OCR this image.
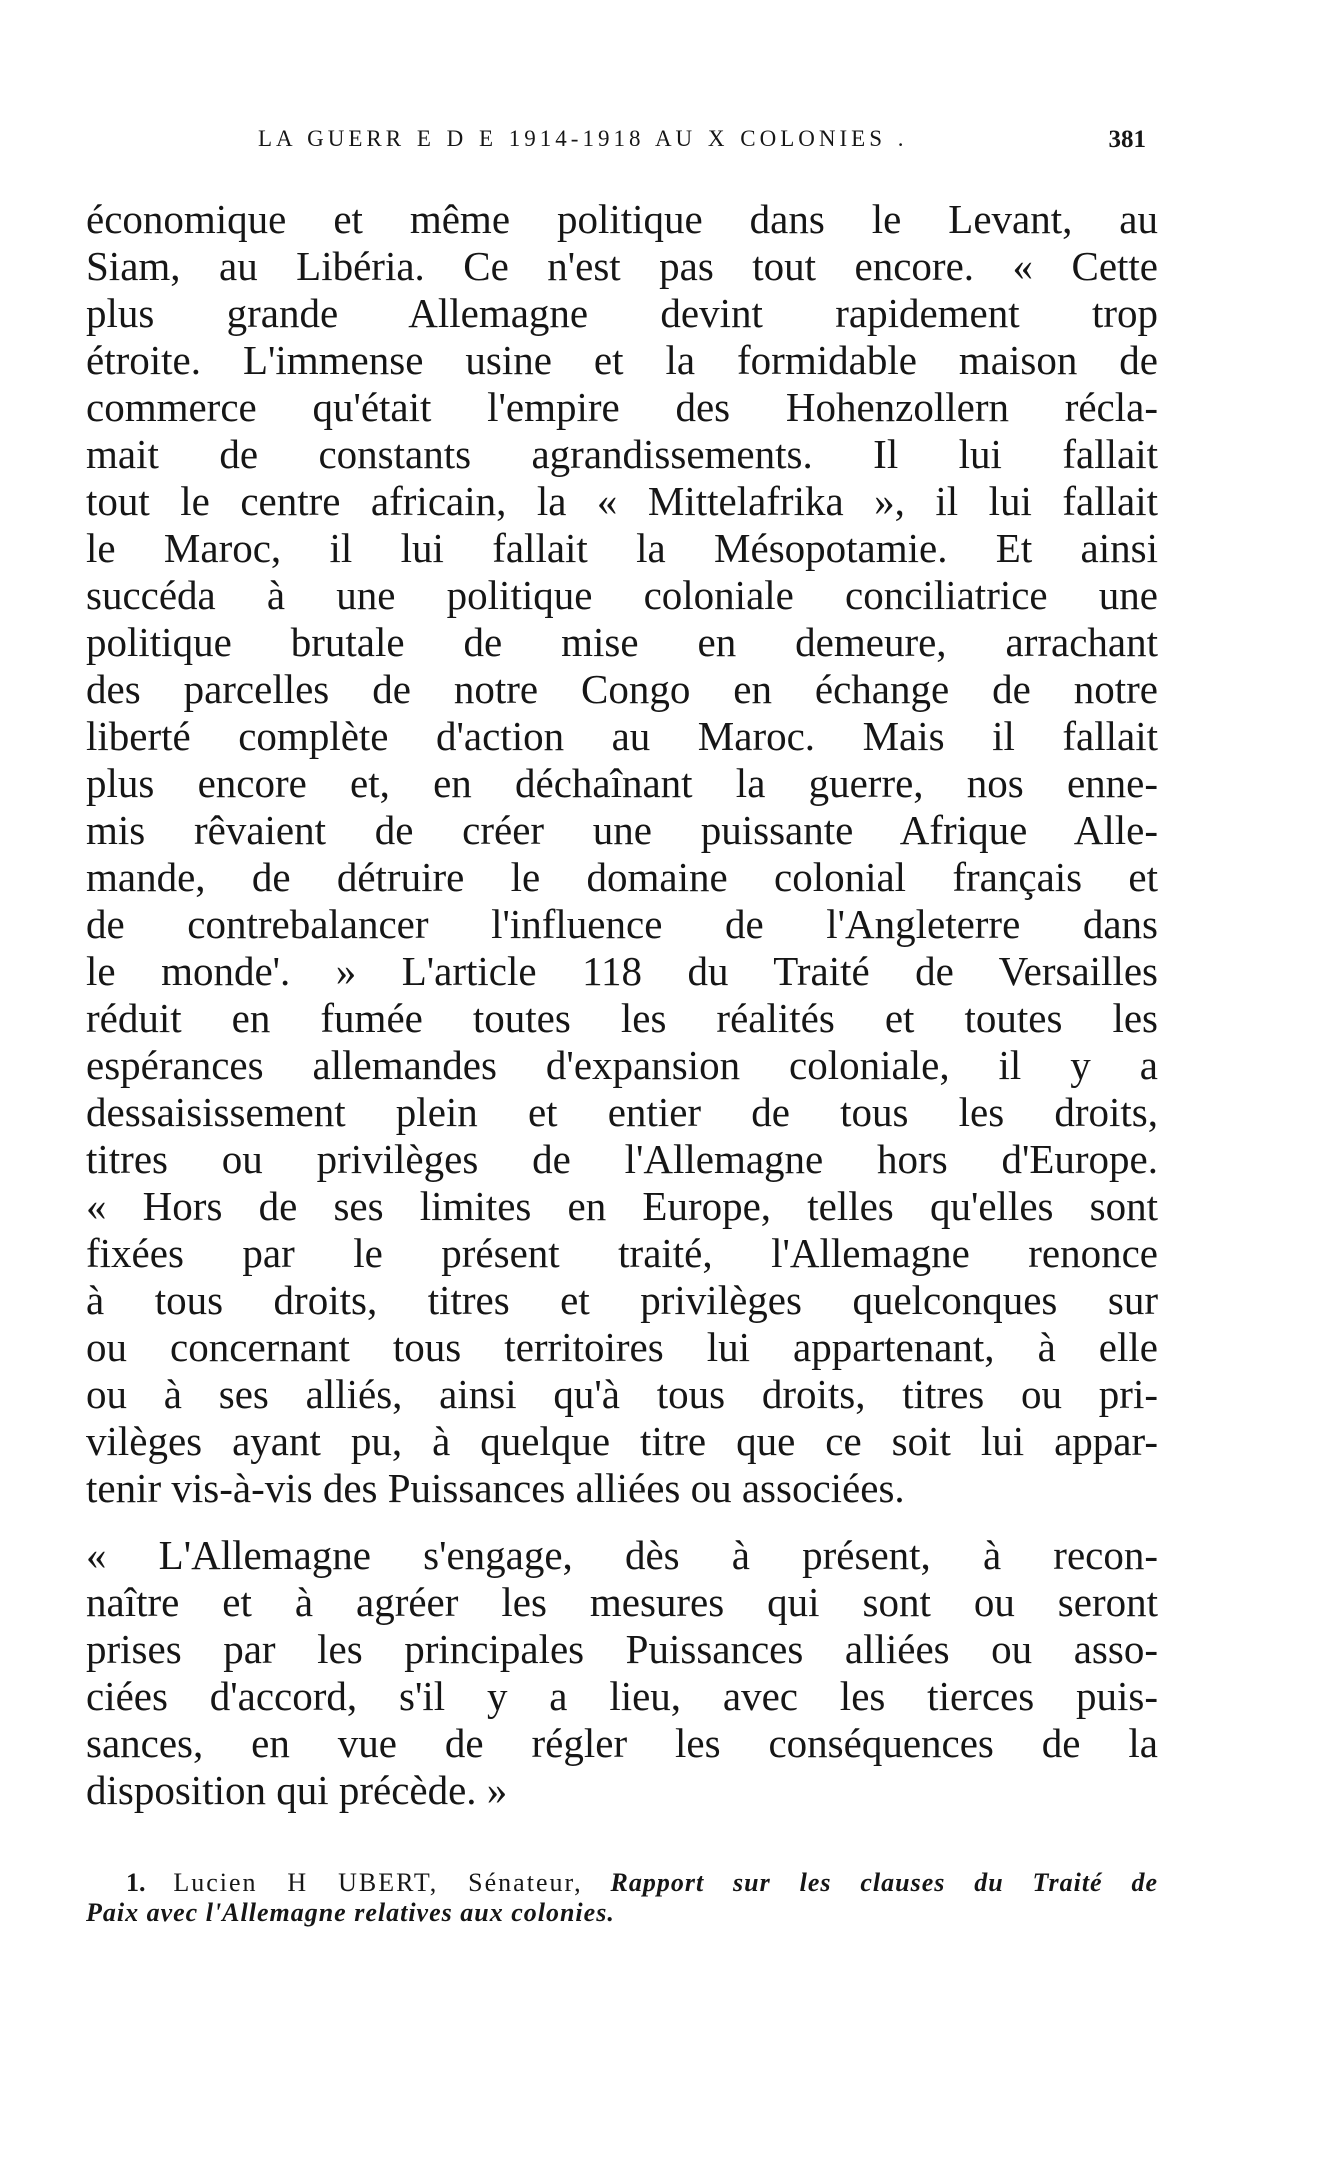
LA GUERR E D E 1914-1918 AU X COLONIES .	381
économique et même politique dans le Levant, au
Siam, au Libéria. Ce n'est pas tout encore. « Cette
plus grande Allemagne devint rapidement trop
étroite. L'immense usine et la formidable maison de
commerce qu'était l'empire des Hohenzollern récla-
mait de constants agrandissements. Il lui fallait
tout le centre africain, la « Mittelafrika », il lui fallait
le Maroc, il lui fallait la Mésopotamie. Et ainsi
succéda à une politique coloniale conciliatrice une
politique brutale de mise en demeure, arrachant
des parcelles de notre Congo en échange de notre
liberté complète d'action au Maroc. Mais il fallait
plus encore et, en déchaînant la guerre, nos enne-
mis rêvaient de créer une puissante Afrique Alle-
mande, de détruire le domaine colonial français et
de contrebalancer l'influence de l'Angleterre dans
le monde'. » L'article 118 du Traité de Versailles
réduit en fumée toutes les réalités et toutes les
espérances allemandes d'expansion coloniale, il y a
dessaisissement plein et entier de tous les droits,
titres ou privilèges de l'Allemagne hors d'Europe.
« Hors de ses limites en Europe, telles qu'elles sont
fixées par le présent traité, l'Allemagne renonce
à tous droits, titres et privilèges quelconques sur
ou concernant tous territoires lui appartenant, à elle
ou à ses alliés, ainsi qu'à tous droits, titres ou pri-
vilèges ayant pu, à quelque titre que ce soit lui appar-
tenir vis-à-vis des Puissances alliées ou associées.
« L'Allemagne s'engage, dès à présent, à recon-
naître et à agréer les mesures qui sont ou seront
prises par les principales Puissances alliées ou asso-
ciées d'accord, s'il y a lieu, avec les tierces puis-
sances, en vue de régler les conséquences de la
disposition qui précède. »
1. Lucien H UBERT, Sénateur, Rapport sur les clauses du Traité de
Paix avec l'Allemagne relatives aux colonies.
